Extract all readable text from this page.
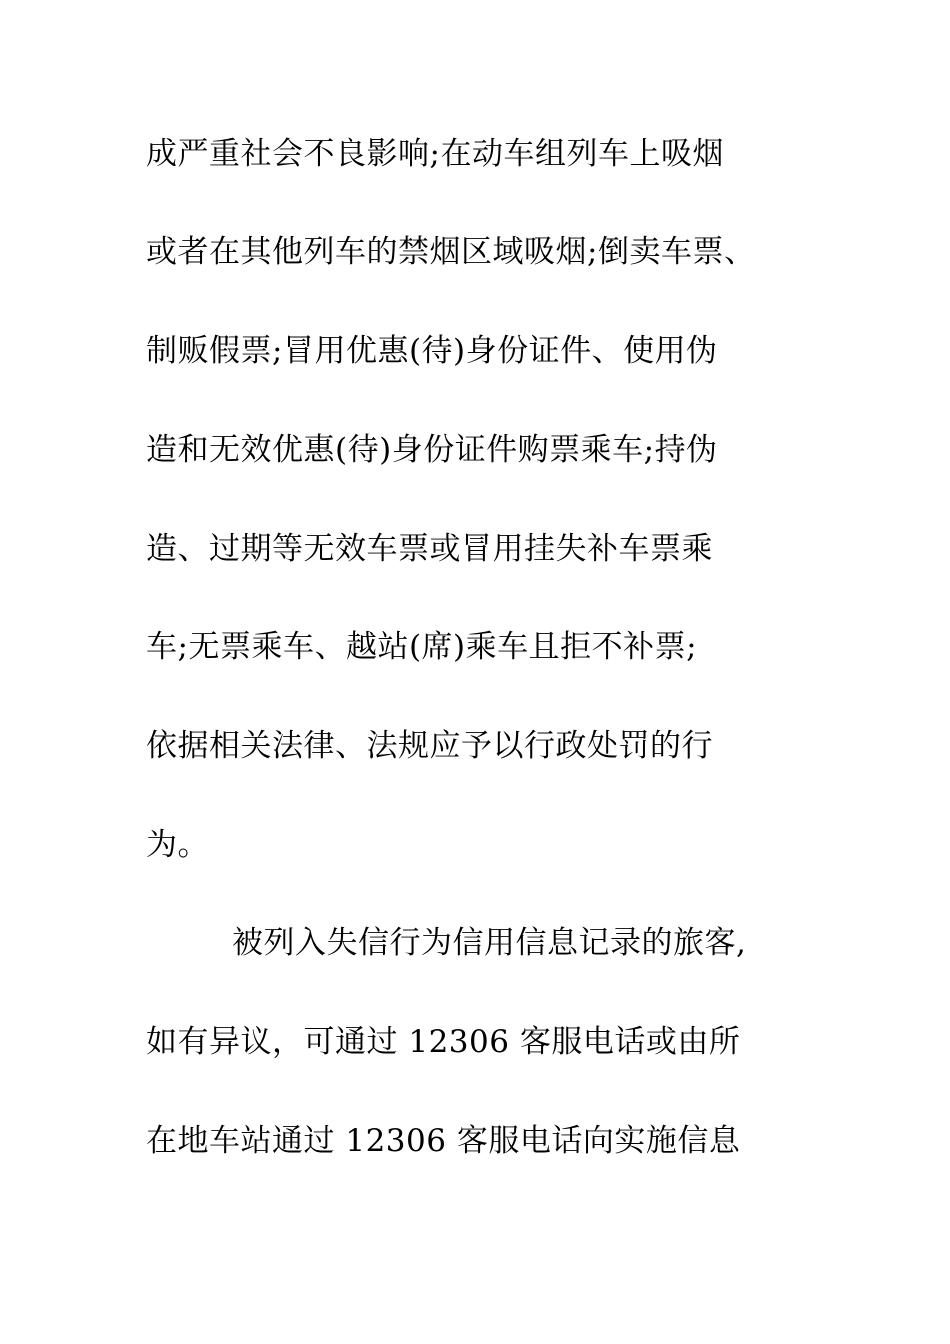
成严重社会不良影响;在动车组列车上吸烟
或者在其他列车的禁烟区域吸烟;倒卖车票、
制贩假票;冒用优惠(待)身份证件、使用伪
造和无效优惠(待)身份证件购票乘车;持伪
造、过期等无效车票或冒用挂失补车票乘
车;无票乘车、越站(席)乘车且拒不补票;
依据相关法律、法规应予以行政处罚的行
为。
被列入失信行为信用信息记录的旅客,
如有异议，可通过 12306 客服电话或由所
在地车站通过 12306 客服电话向实施信息
